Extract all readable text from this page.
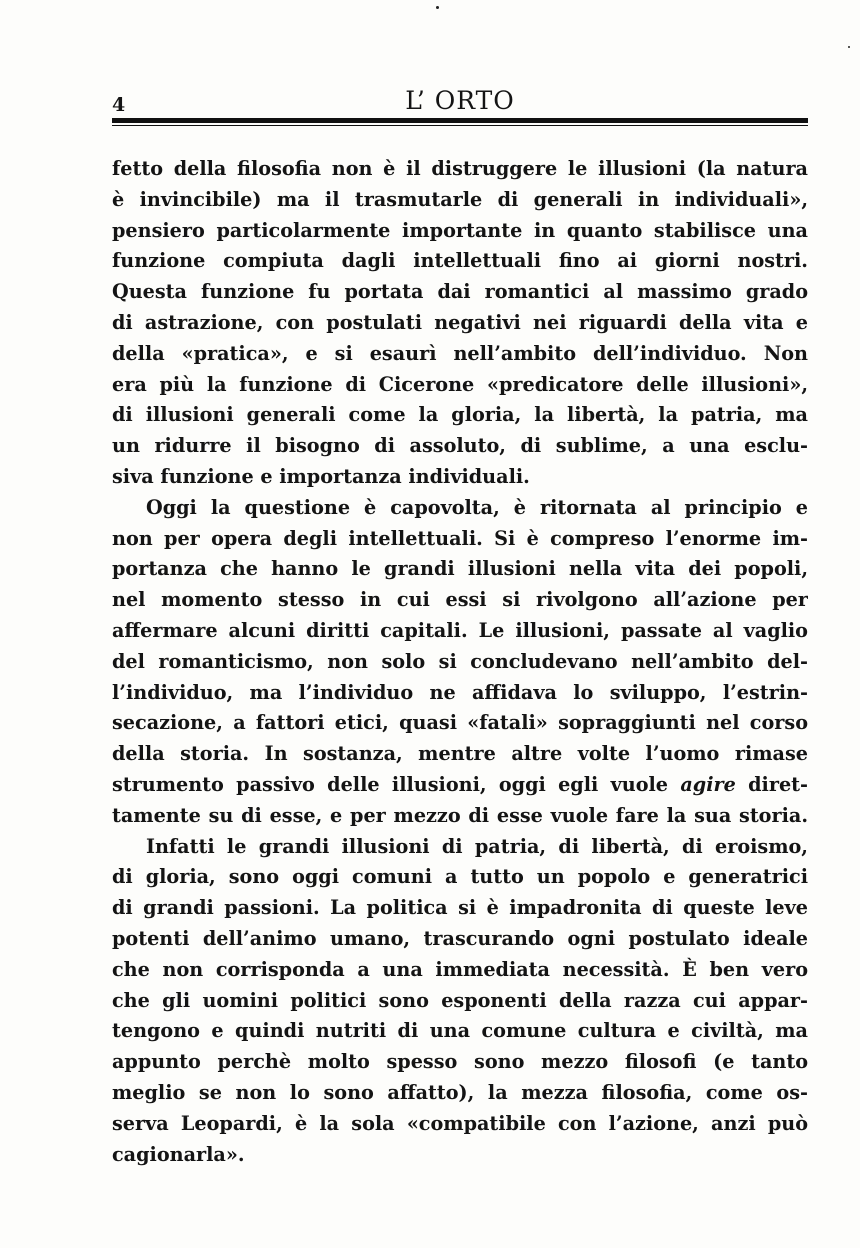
4	L’ ORTO
fetto della filosofia non è il distruggere le illusioni (la natura
è invincibile) ma il trasmutarle di generali in individuali»,
pensiero particolarmente importante in quanto stabilisce una
funzione compiuta dagli intellettuali fino ai giorni nostri.
Questa funzione fu portata dai romantici al massimo grado
di astrazione, con postulati negativi nei riguardi della vita e
della «pratica», e si esaurì nell’ambito dell’individuo. Non
era più la funzione di Cicerone «predicatore delle illusioni»,
di illusioni generali come la gloria, la libertà, la patria, ma
un ridurre il bisogno di assoluto, di sublime, a una esclu-
siva funzione e importanza individuali.
Oggi la questione è capovolta, è ritornata al principio e
non per opera degli intellettuali. Si è compreso l’enorme im-
portanza che hanno le grandi illusioni nella vita dei popoli,
nel momento stesso in cui essi si rivolgono all’azione per
affermare alcuni diritti capitali. Le illusioni, passate al vaglio
del romanticismo, non solo si concludevano nell’ambito del-
l’individuo, ma l’individuo ne affidava lo sviluppo, l’estrin-
secazione, a fattori etici, quasi «fatali» sopraggiunti nel corso
della storia. In sostanza, mentre altre volte l’uomo rimase
strumento passivo delle illusioni, oggi egli vuole agire diret-
tamente su di esse, e per mezzo di esse vuole fare la sua storia.
Infatti le grandi illusioni di patria, di libertà, di eroismo,
di gloria, sono oggi comuni a tutto un popolo e generatrici
di grandi passioni. La politica si è impadronita di queste leve
potenti dell’animo umano, trascurando ogni postulato ideale
che non corrisponda a una immediata necessità. È ben vero
che gli uomini politici sono esponenti della razza cui appar-
tengono e quindi nutriti di una comune cultura e civiltà, ma
appunto perchè molto spesso sono mezzo filosofi (e tanto
meglio se non lo sono affatto), la mezza filosofia, come os-
serva Leopardi, è la sola «compatibile con l’azione, anzi può
cagionarla».
